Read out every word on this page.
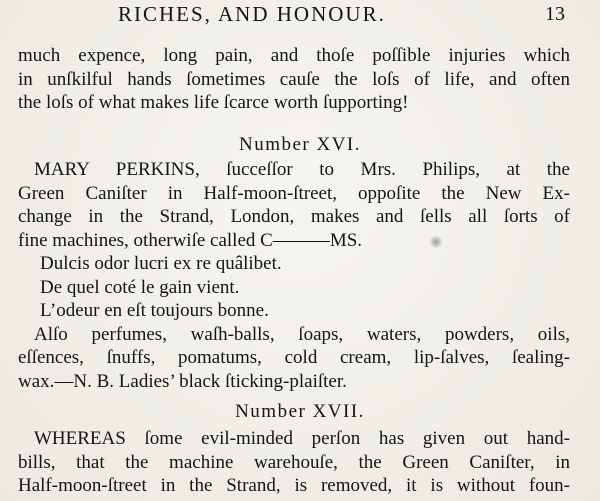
RICHES, AND HONOUR.	13
much expence, long pain, and thoſe poſſible injuries which
in unſkilful hands ſometimes cauſe the loſs of life, and often
the loſs of what makes life ſcarce worth ſupporting!
Number XVI.
MARY PERKINS, ſucceſſor to Mrs. Philips, at the
Green Caniſter in Half-moon-ſtreet, oppoſite the New Ex-
change in the Strand, London, makes and ſells all ſorts of
fine machines, otherwiſe called C———MS.
Dulcis odor lucri ex re quâlibet.
De quel coté le gain vient.
L’odeur en eſt toujours bonne.
Alſo perfumes, waſh-balls, ſoaps, waters, powders, oils,
eſſences, ſnuffs, pomatums, cold cream, lip-ſalves, ſealing-
wax.—N. B. Ladies’ black ſticking-plaiſter.
Number XVII.
WHEREAS ſome evil-minded perſon has given out hand-
bills, that the machine warehouſe, the Green Caniſter, in
Half-moon-ſtreet in the Strand, is removed, it is without foun-
